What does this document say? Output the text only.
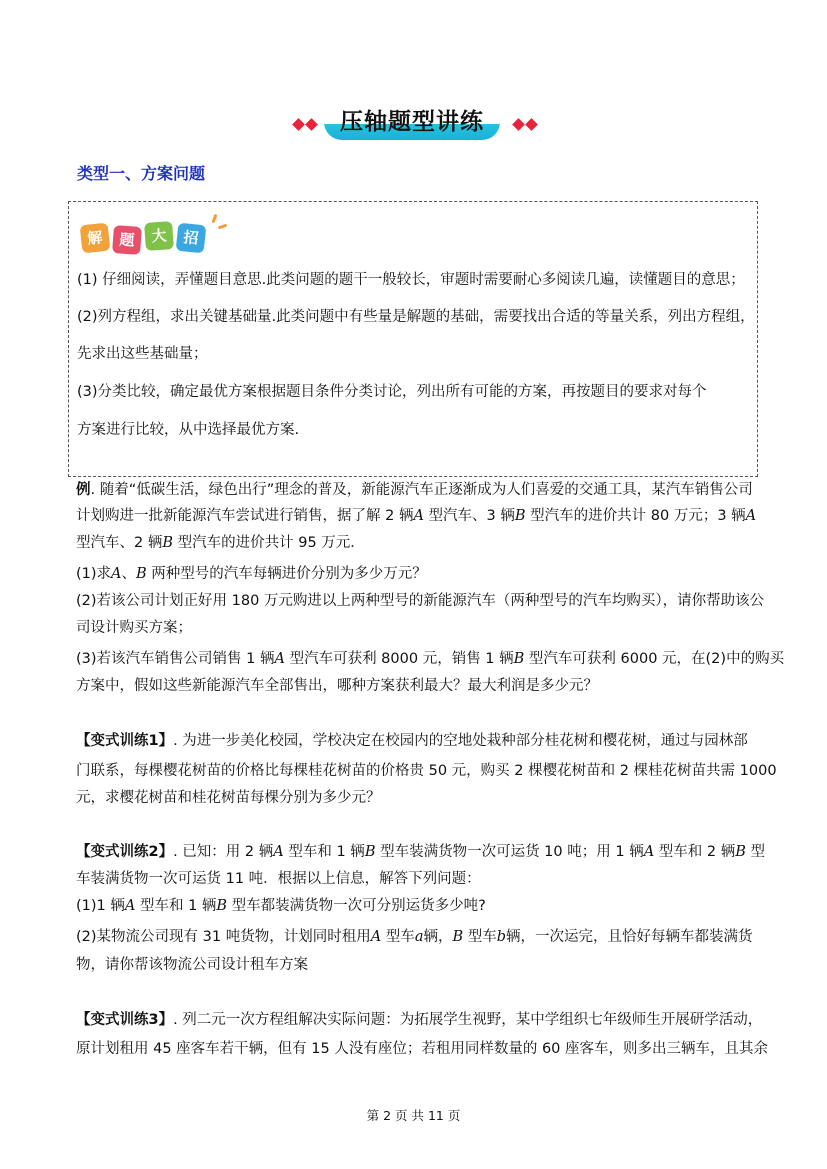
压轴题型讲练
类型一、方案问题
解	题	大	招
(1) 仔细阅读，弄懂题目意思.此类问题的题干一般较长，审题时需要耐心多阅读几遍，读懂题目的意思；
(2)列方程组，求出关键基础量.此类问题中有些量是解题的基础，需要找出合适的等量关系，列出方程组，
先求出这些基础量；
(3)分类比较，确定最优方案根据题目条件分类讨论，列出所有可能的方案，再按题目的要求对每个
方案进行比较，从中选择最优方案.
例. 随着“低碳生活，绿色出行”理念的普及，新能源汽车正逐渐成为人们喜爱的交通工具，某汽车销售公司
计划购进一批新能源汽车尝试进行销售，据了解 2 辆A 型汽车、3 辆B 型汽车的进价共计 80 万元；3 辆A
型汽车、2 辆B 型汽车的进价共计 95 万元．
(1)求A、B 两种型号的汽车每辆进价分别为多少万元？
(2)若该公司计划正好用 180 万元购进以上两种型号的新能源汽车（两种型号的汽车均购买），请你帮助该公
司设计购买方案；
(3)若该汽车销售公司销售 1 辆A 型汽车可获利 8000 元，销售 1 辆B 型汽车可获利 6000 元，在(2)中的购买
方案中，假如这些新能源汽车全部售出，哪种方案获利最大？最大利润是多少元？
【变式训练1】. 为进一步美化校园，学校决定在校园内的空地处栽种部分桂花树和樱花树，通过与园林部
门联系，每棵樱花树苗的价格比每棵桂花树苗的价格贵 50 元，购买 2 棵樱花树苗和 2 棵桂花树苗共需 1000
元，求樱花树苗和桂花树苗每棵分别为多少元？
【变式训练2】. 已知：用 2 辆A 型车和 1 辆B 型车装满货物一次可运货 10 吨；用 1 辆A 型车和 2 辆B 型
车装满货物一次可运货 11 吨．根据以上信息，解答下列问题：
(1)1 辆A 型车和 1 辆B 型车都装满货物一次可分别运货多少吨?
(2)某物流公司现有 31 吨货物，计划同时租用A 型车a辆，B 型车b辆，一次运完，且恰好每辆车都装满货
物，请你帮该物流公司设计租车方案
【变式训练3】. 列二元一次方程组解决实际问题：为拓展学生视野，某中学组织七年级师生开展研学活动，
原计划租用 45 座客车若干辆，但有 15 人没有座位；若租用同样数量的 60 座客车，则多出三辆车，且其余
第 2 页 共 11 页
